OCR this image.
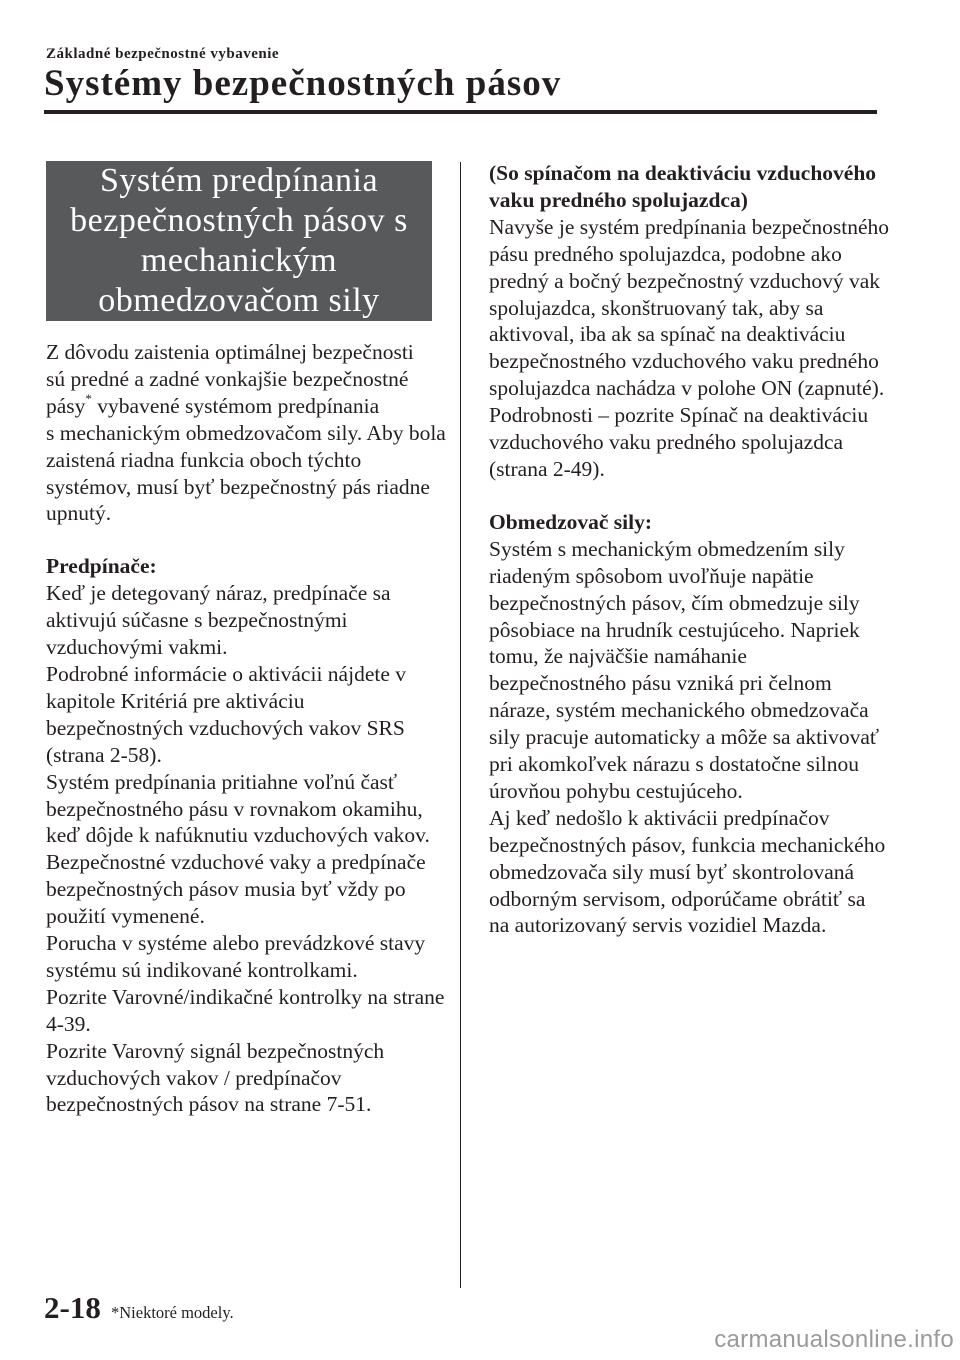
Základné bezpečnostné vybavenie
Systémy bezpečnostných pásov
Systém predpínania bezpečnostných pásov s mechanickým obmedzovačom sily

Z dôvodu zaistenia optimálnej bezpečnosti

sú predné a zadné vonkajšie bezpečnostné

pásy* vybavené systémom predpínania

s mechanickým obmedzovačom sily. Aby bola zaistená riadna funkcia oboch týchto systémov, musí byť bezpečnostný pás riadne upnutý.

Predpínače:

Keď je detegovaný náraz, predpínače sa aktivujú súčasne s bezpečnostnými vzduchovými vakmi.

Podrobné informácie o aktivácii nájdete v kapitole Kritériá pre aktiváciu bezpečnostných vzduchových vakov SRS (strana 2-58).

Systém predpínania pritiahne voľnú časť bezpečnostného pásu v rovnakom okamihu, keď dôjde k nafúknutiu vzduchových vakov. Bezpečnostné vzduchové vaky a predpínače bezpečnostných pásov musia byť vždy po použití vymenené.

Porucha v systéme alebo prevádzkové stavy systému sú indikované kontrolkami.

Pozrite Varovné/indikačné kontrolky na strane 4-39.

Pozrite Varovný signál bezpečnostných vzduchových vakov / predpínačov bezpečnostných pásov na strane 7-51.

(So spínačom na deaktiváciu vzduchového vaku predného spolujazdca)

Navyše je systém predpínania bezpečnostného pásu predného spolujazdca, podobne ako predný a bočný bezpečnostný vzduchový vak spolujazdca, skonštruovaný tak, aby sa aktivoval, iba ak sa spínač na deaktiváciu bezpečnostného vzduchového vaku predného spolujazdca nachádza v polohe ON (zapnuté).

Podrobnosti – pozrite Spínač na deaktiváciu vzduchového vaku predného spolujazdca (strana 2-49).

Obmedzovač sily:

Systém s mechanickým obmedzením sily riadeným spôsobom uvoľňuje napätie bezpečnostných pásov, čím obmedzuje sily pôsobiace na hrudník cestujúceho. Napriek tomu, že najväčšie namáhanie bezpečnostného pásu vzniká pri čelnom náraze, systém mechanického obmedzovača sily pracuje automaticky a môže sa aktivovať pri akomkoľvek nárazu s dostatočne silnou úrovňou pohybu cestujúceho.

Aj keď nedošlo k aktivácii predpínačov bezpečnostných pásov, funkcia mechanického obmedzovača sily musí byť skontrolovaná odborným servisom, odporúčame obrátiť sa na autorizovaný servis vozidiel Mazda.

2-18 *Niektoré modely.
carmanualsonline.info
